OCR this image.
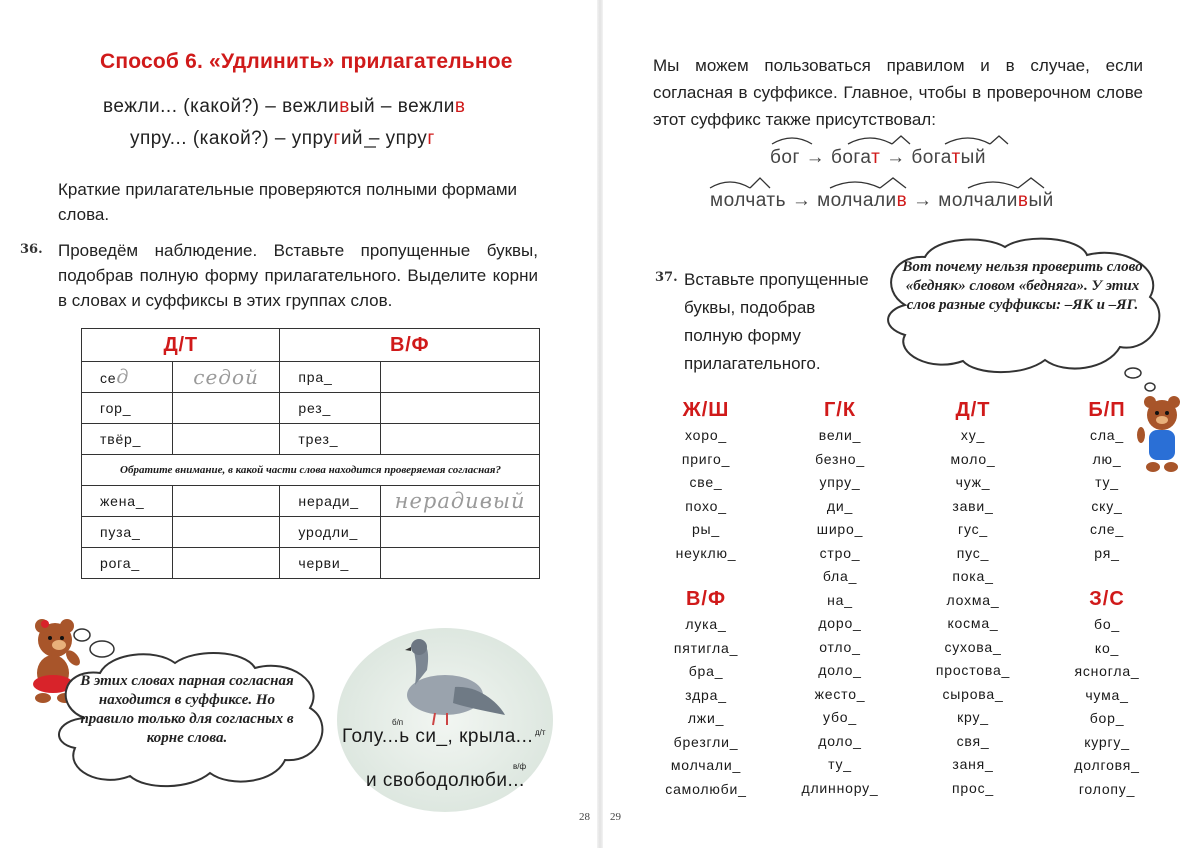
Способ 6. «Удлинить» прилагательное
вежли... (какой?) – вежливый – вежлив
упру... (какой?) – упругий – упруг
Краткие прилагательные проверяются полными формами слова.
36. Проведём наблюдение. Вставьте пропущенные буквы, подобрав полную форму прилагательного. Выделите корни в словах и суффиксы в этих группах слов.
Д/Т		В/Ф	
сед	седой	пра_	
гор_		рез_	
твёр_		трез_	
Обратите внимание, в какой части слова находится проверяемая согласная?			
жена_		неради_	нерадивый
пуза_		уродли_	
рога_		черви_	
В этих словах парная согласная находится в суффиксе. Но правило только для согласных в корне слова.	Голу...ь си_, крыла...
и свободолюби...
б/п
д/т
в/ф
28
Мы можем пользоваться правилом и в случае, если согласная в суффиксе. Главное, чтобы в проверочном слове этот суффикс также присутствовал:
бог → богат → богатый
молчать → молчалив → молчаливый
37. Вставьте пропущенные буквы, подобрав полную форму прилагательного.
Вот почему нельзя проверить слово «бедняк» словом «бедняга». У этих слов разные суффиксы: –ЯК и –ЯГ.
Ж/Ш
хоро_
приго_
све_
похо_
ры_
неуклю_
Г/К
вели_
безно_
упру_
ди_
широ_
стро_
бла_
на_
доро_
отло_
доло_
жесто_
убо_
доло_
ту_
длиннору_
Д/Т
ху_
моло_
чуж_
зави_
гус_
пус_
пока_
лохма_
косма_
сухова_
простова_
сырова_
кру_
свя_
заня_
прос_
Б/П
сла_
лю_
ту_
ску_
сле_
ря_
В/Ф
лука_
пятигла_
бра_
здра_
лжи_
брезгли_
молчали_
самолюби_
З/С
бо_
ко_
ясногла_
чума_
бор_
кургу_
долговя_
голопу_
29
